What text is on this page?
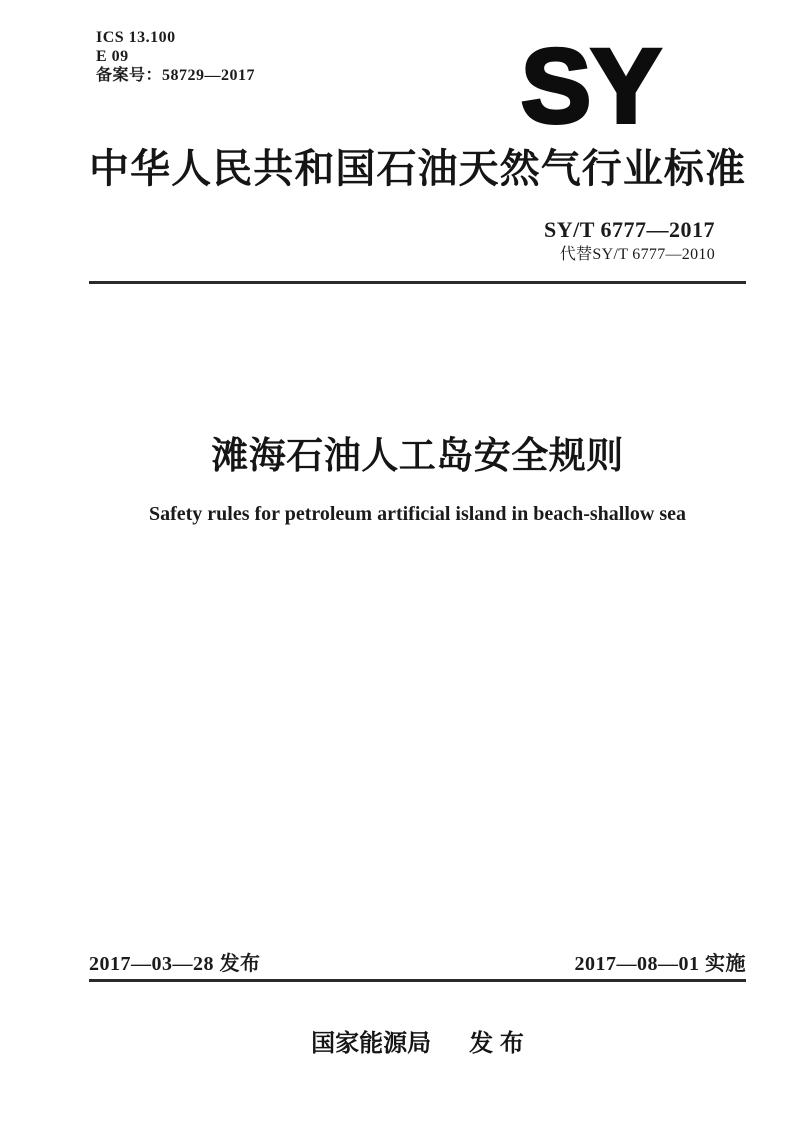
ICS 13.100
E 09
备案号：58729—2017	SY
中华人民共和国石油天然气行业标准
SY/T 6777—2017
代替SY/T 6777—2010
滩海石油人工岛安全规则
Safety rules for petroleum artificial island in beach-shallow sea
2017—03—28 发布	2017—08—01 实施
国家能源局 发 布
